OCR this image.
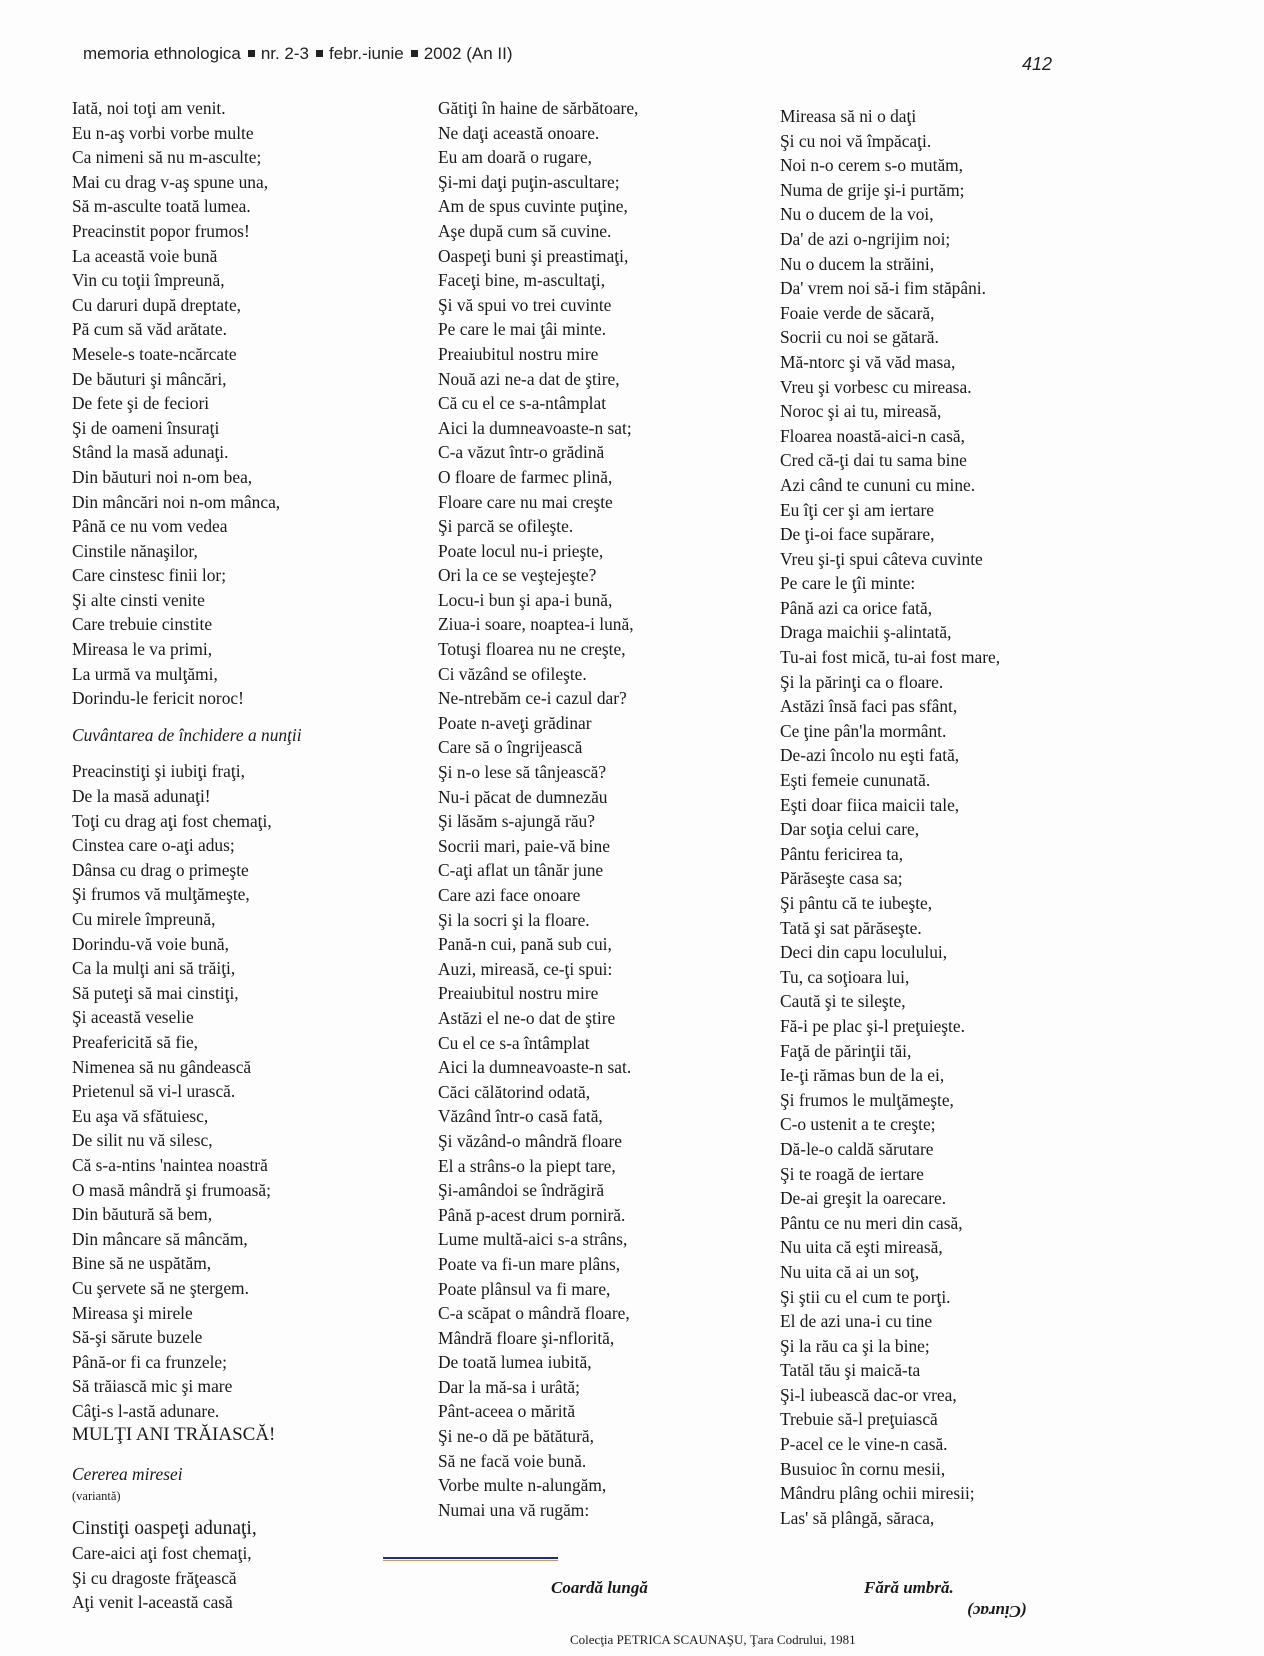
memoria ethnologica nr. 2-3 febr.-iunie 2002 (An II)
412
Iată, noi toţi am venit.
Eu n-aş vorbi vorbe multe
Ca nimeni să nu m-asculte;
Mai cu drag v-aş spune una,
Să m-asculte toată lumea.
Preacinstit popor frumos!
La această voie bună
Vin cu toţii împreună,
Cu daruri după dreptate,
Pă cum să văd arătate.
Mesele-s toate-ncărcate
De băuturi şi mâncări,
De fete şi de feciori
Şi de oameni însuraţi
Stând la masă adunaţi.
Din băuturi noi n-om bea,
Din mâncări noi n-om mânca,
Până ce nu vom vedea
Cinstile nănaşilor,
Care cinstesc finii lor;
Şi alte cinsti venite
Care trebuie cinstite
Mireasa le va primi,
La urmă va mulţămi,
Dorindu-le fericit noroc!
Cuvântarea de închidere a nunţii
Preacinstiţi şi iubiţi fraţi,
De la masă adunaţi!
Toţi cu drag aţi fost chemaţi,
Cinstea care o-aţi adus;
Dânsa cu drag o primeşte
Şi frumos vă mulţămeşte,
Cu mirele împreună,
Dorindu-vă voie bună,
Ca la mulţi ani să trăiţi,
Să puteţi să mai cinstiţi,
Şi această veselie
Preafericită să fie,
Nimenea să nu gândească
Prietenul să vi-l urască.
Eu aşa vă sfătuiesc,
De silit nu vă silesc,
Că s-a-ntins 'naintea noastră
O masă mândră şi frumoasă;
Din băutură să bem,
Din mâncare să mâncăm,
Bine să ne uspătăm,
Cu şervete să ne ştergem.
Mireasa şi mirele
Să-şi sărute buzele
Până-or fi ca frunzele;
Să trăiască mic şi mare
Câţi-s l-astă adunare.
MULŢI ANI TRĂIASCĂ!
Cererea miresei
(variantă)
Cinstiţi oaspeţi adunaţi,
Care-aici aţi fost chemaţi,
Şi cu dragoste frăţească
Aţi venit l-această casă
Gătiţi în haine de sărbătoare,
Ne daţi această onoare.
Eu am doară o rugare,
Şi-mi daţi puţin-ascultare;
Am de spus cuvinte puţine,
Aşe după cum să cuvine.
Oaspeţi buni şi preastimaţi,
Faceţi bine, m-ascultaţi,
Şi vă spui vo trei cuvinte
Pe care le mai ţâi minte.
Preaiubitul nostru mire
Nouă azi ne-a dat de ştire,
Că cu el ce s-a-ntâmplat
Aici la dumneavoaste-n sat;
C-a văzut într-o grădină
O floare de farmec plină,
Floare care nu mai creşte
Şi parcă se ofileşte.
Poate locul nu-i prieşte,
Ori la ce se veştejeşte?
Locu-i bun şi apa-i bună,
Ziua-i soare, noaptea-i lună,
Totuşi floarea nu ne creşte,
Ci văzând se ofileşte.
Ne-ntrebăm ce-i cazul dar?
Poate n-aveţi grădinar
Care să o îngrijească
Şi n-o lese să tânjească?
Nu-i păcat de dumnezău
Şi lăsăm s-ajungă rău?
Socrii mari, paie-vă bine
C-aţi aflat un tânăr june
Care azi face onoare
Şi la socri şi la floare.
Pană-n cui, pană sub cui,
Auzi, mireasă, ce-ţi spui:
Preaiubitul nostru mire
Astăzi el ne-o dat de ştire
Cu el ce s-a întâmplat
Aici la dumneavoaste-n sat.
Căci călătorind odată,
Văzând într-o casă fată,
Şi văzând-o mândră floare
El a strâns-o la piept tare,
Şi-amândoi se îndrăgiră
Până p-acest drum porniră.
Lume multă-aici s-a strâns,
Poate va fi-un mare plâns,
Poate plânsul va fi mare,
C-a scăpat o mândră floare,
Mândră floare şi-nflorită,
De toată lumea iubită,
Dar la mă-sa i urâtă;
Pânt-aceea o mărită
Şi ne-o dă pe bătătură,
Să ne facă voie bună.
Vorbe multe n-alungăm,
Numai una vă rugăm:
Mireasa să ni o daţi
Şi cu noi vă împăcaţi.
Noi n-o cerem s-o mutăm,
Numa de grije şi-i purtăm;
Nu o ducem de la voi,
Da' de azi o-ngrijim noi;
Nu o ducem la străini,
Da' vrem noi să-i fim stăpâni.
Foaie verde de săcară,
Socrii cu noi se gătară.
Mă-ntorc şi vă văd masa,
Vreu şi vorbesc cu mireasa.
Noroc şi ai tu, mireasă,
Floarea noastă-aici-n casă,
Cred că-ţi dai tu sama bine
Azi când te cununi cu mine.
Eu îţi cer şi am iertare
De ţi-oi face supărare,
Vreu şi-ţi spui câteva cuvinte
Pe care le ţîi minte:
Până azi ca orice fată,
Draga maichii ş-alintată,
Tu-ai fost mică, tu-ai fost mare,
Şi la părinţi ca o floare.
Astăzi însă faci pas sfânt,
Ce ţine pân'la mormânt.
De-azi încolo nu eşti fată,
Eşti femeie cununată.
Eşti doar fiica maicii tale,
Dar soţia celui care,
Pântu fericirea ta,
Părăseşte casa sa;
Şi pântu că te iubeşte,
Tată şi sat părăseşte.
Deci din capu loculului,
Tu, ca soţioara lui,
Caută şi te sileşte,
Fă-i pe plac şi-l preţuieşte.
Faţă de părinţii tăi,
Ie-ţi rămas bun de la ei,
Şi frumos le mulţămeşte,
C-o ustenit a te creşte;
Dă-le-o caldă sărutare
Şi te roagă de iertare
De-ai greşit la oarecare.
Pântu ce nu meri din casă,
Nu uita că eşti mireasă,
Nu uita că ai un soţ,
Şi ştii cu el cum te porţi.
El de azi una-i cu tine
Şi la rău ca şi la bine;
Tatăl tău şi maică-ta
Şi-l iubească dac-or vrea,
Trebuie să-l preţuiască
P-acel ce le vine-n casă.
Busuioc în cornu mesii,
Mândru plâng ochii miresii;
Las' să plângă, săraca,
Coardă lungă	Fără umbră.
(Ciurac)
Colecţia PETRICA SCAUNAŞU, Ţara Codrului, 1981
